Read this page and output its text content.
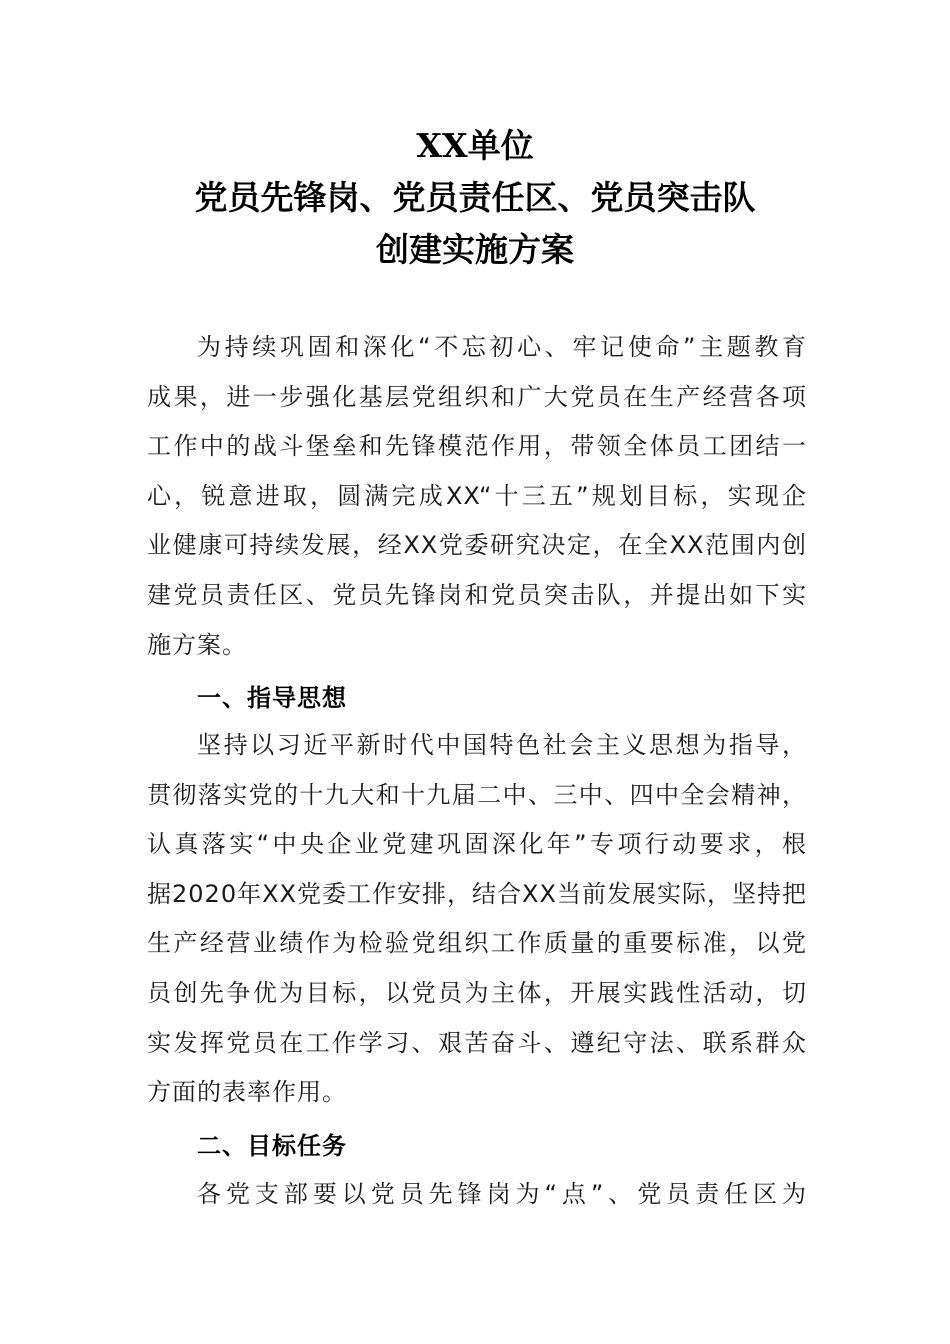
XX单位
党员先锋岗、党员责任区、党员突击队
创建实施方案
为持续巩固和深化“不忘初心、牢记使命”主题教育
成果，进一步强化基层党组织和广大党员在生产经营各项
工作中的战斗堡垒和先锋模范作用，带领全体员工团结一
心，锐意进取，圆满完成XX“十三五”规划目标，实现企
业健康可持续发展，经XX党委研究决定，在全XX范围内创
建党员责任区、党员先锋岗和党员突击队，并提出如下实
施方案。
一、指导思想
坚持以习近平新时代中国特色社会主义思想为指导，
贯彻落实党的十九大和十九届二中、三中、四中全会精神，
认真落实“中央企业党建巩固深化年”专项行动要求，根
据2020年XX党委工作安排，结合XX当前发展实际，坚持把
生产经营业绩作为检验党组织工作质量的重要标准，以党
员创先争优为目标，以党员为主体，开展实践性活动，切
实发挥党员在工作学习、艰苦奋斗、遵纪守法、联系群众
方面的表率作用。
二、目标任务
各党支部要以党员先锋岗为“点”、党员责任区为
